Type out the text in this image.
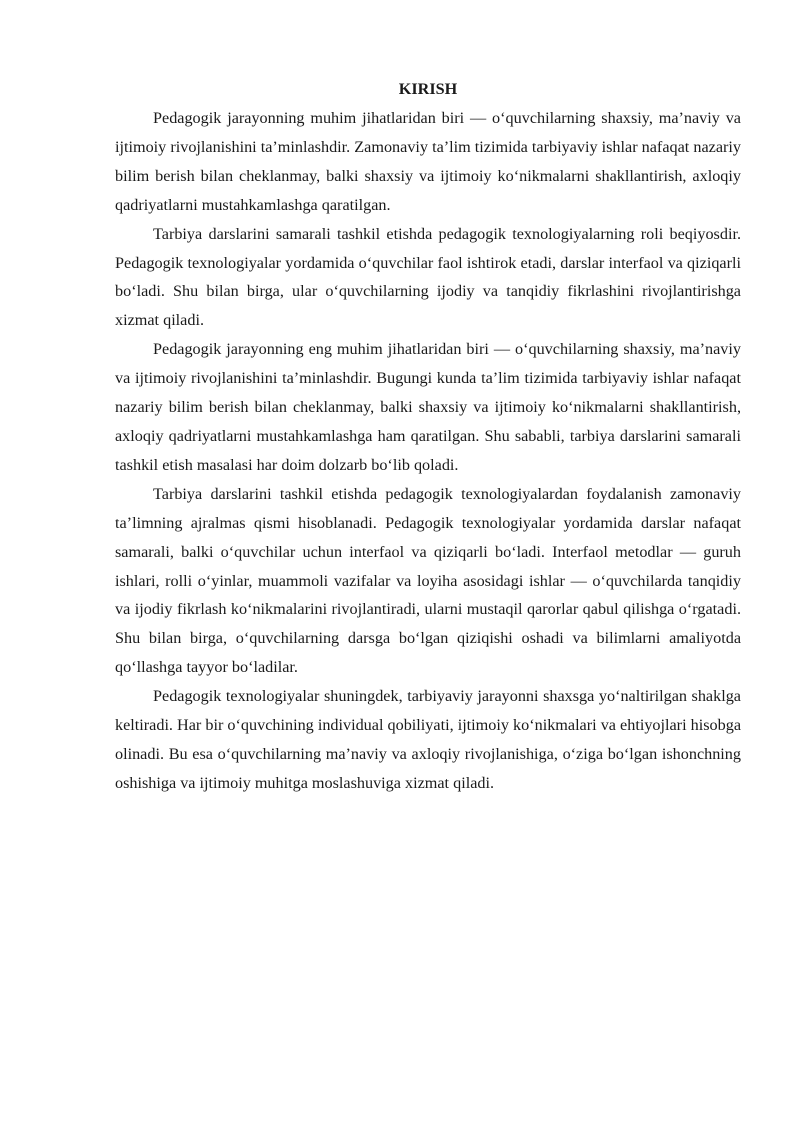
KIRISH

Pedagogik jarayonning muhim jihatlaridan biri — o‘quvchilarning shaxsiy, ma’naviy va ijtimoiy rivojlanishini ta’minlashdir. Zamonaviy ta’lim tizimida tarbiyaviy ishlar nafaqat nazariy bilim berish bilan cheklanmay, balki shaxsiy va ijtimoiy ko‘nikmalarni shakllantirish, axloqiy qadriyatlarni mustahkamlashga qaratilgan.

Tarbiya darslarini samarali tashkil etishda pedagogik texnologiyalarning roli beqiyosdir. Pedagogik texnologiyalar yordamida o‘quvchilar faol ishtirok etadi, darslar interfaol va qiziqarli bo‘ladi. Shu bilan birga, ular o‘quvchilarning ijodiy va tanqidiy fikrlashini rivojlantirishga xizmat qiladi.

Pedagogik jarayonning eng muhim jihatlaridan biri — o‘quvchilarning shaxsiy, ma’naviy va ijtimoiy rivojlanishini ta’minlashdir. Bugungi kunda ta’lim tizimida tarbiyaviy ishlar nafaqat nazariy bilim berish bilan cheklanmay, balki shaxsiy va ijtimoiy ko‘nikmalarni shakllantirish, axloqiy qadriyatlarni mustahkamlashga ham qaratilgan. Shu sababli, tarbiya darslarini samarali tashkil etish masalasi har doim dolzarb bo‘lib qoladi.

Tarbiya darslarini tashkil etishda pedagogik texnologiyalardan foydalanish zamonaviy ta’limning ajralmas qismi hisoblanadi. Pedagogik texnologiyalar yordamida darslar nafaqat samarali, balki o‘quvchilar uchun interfaol va qiziqarli bo‘ladi. Interfaol metodlar — guruh ishlari, rolli o‘yinlar, muammoli vazifalar va loyiha asosidagi ishlar — o‘quvchilarda tanqidiy va ijodiy fikrlash ko‘nikmalarini rivojlantiradi, ularni mustaqil qarorlar qabul qilishga o‘rgatadi. Shu bilan birga, o‘quvchilarning darsga bo‘lgan qiziqishi oshadi va bilimlarni amaliyotda qo‘llashga tayyor bo‘ladilar.

Pedagogik texnologiyalar shuningdek, tarbiyaviy jarayonni shaxsga yo‘naltirilgan shaklga keltiradi. Har bir o‘quvchining individual qobiliyati, ijtimoiy ko‘nikmalari va ehtiyojlari hisobga olinadi. Bu esa o‘quvchilarning ma’naviy va axloqiy rivojlanishiga, o‘ziga bo‘lgan ishonchning oshishiga va ijtimoiy muhitga moslashuviga xizmat qiladi.
